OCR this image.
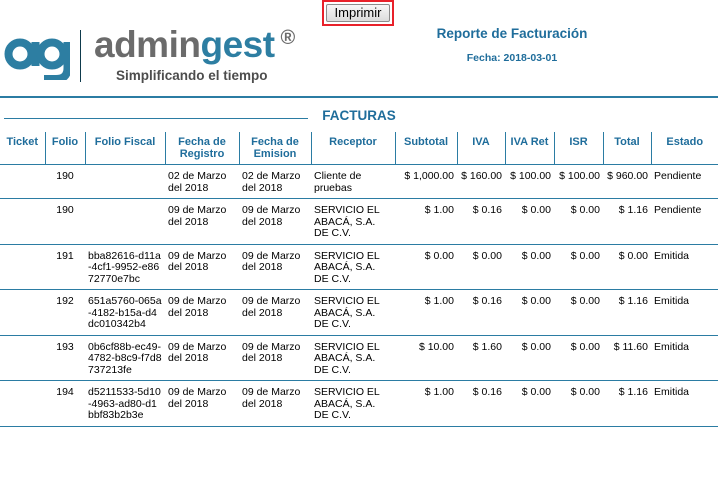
Imprimir
admingest ®
Simplificando el tiempo
Reporte de Facturación
Fecha: 2018-03-01
FACTURAS
Ticket	Folio	Folio Fiscal	Fecha de Registro	Fecha de Emision	Receptor	Subtotal	IVA	IVA Ret	ISR	Total	Estado
	190		02 de Marzo del 2018	02 de Marzo del 2018	Cliente de pruebas	$ 1,000.00	$ 160.00	$ 100.00	$ 100.00	$ 960.00	Pendiente
	190		09 de Marzo del 2018	09 de Marzo del 2018	SERVICIO EL ABACÁ, S.A. DE C.V.	$ 1.00	$ 0.16	$ 0.00	$ 0.00	$ 1.16	Pendiente
	191	bba82616-d11a-4cf1-9952-e8672770e7bc	09 de Marzo del 2018	09 de Marzo del 2018	SERVICIO EL ABACÁ, S.A. DE C.V.	$ 0.00	$ 0.00	$ 0.00	$ 0.00	$ 0.00	Emitida
	192	651a5760-065a-4182-b15a-d4dc010342b4	09 de Marzo del 2018	09 de Marzo del 2018	SERVICIO EL ABACÁ, S.A. DE C.V.	$ 1.00	$ 0.16	$ 0.00	$ 0.00	$ 1.16	Emitida
	193	0b6cf88b-ec49-4782-b8c9-f7d8737213fe	09 de Marzo del 2018	09 de Marzo del 2018	SERVICIO EL ABACÁ, S.A. DE C.V.	$ 10.00	$ 1.60	$ 0.00	$ 0.00	$ 11.60	Emitida
	194	d5211533-5d10-4963-ad80-d1bbf83b2b3e	09 de Marzo del 2018	09 de Marzo del 2018	SERVICIO EL ABACÁ, S.A. DE C.V.	$ 1.00	$ 0.16	$ 0.00	$ 0.00	$ 1.16	Emitida
